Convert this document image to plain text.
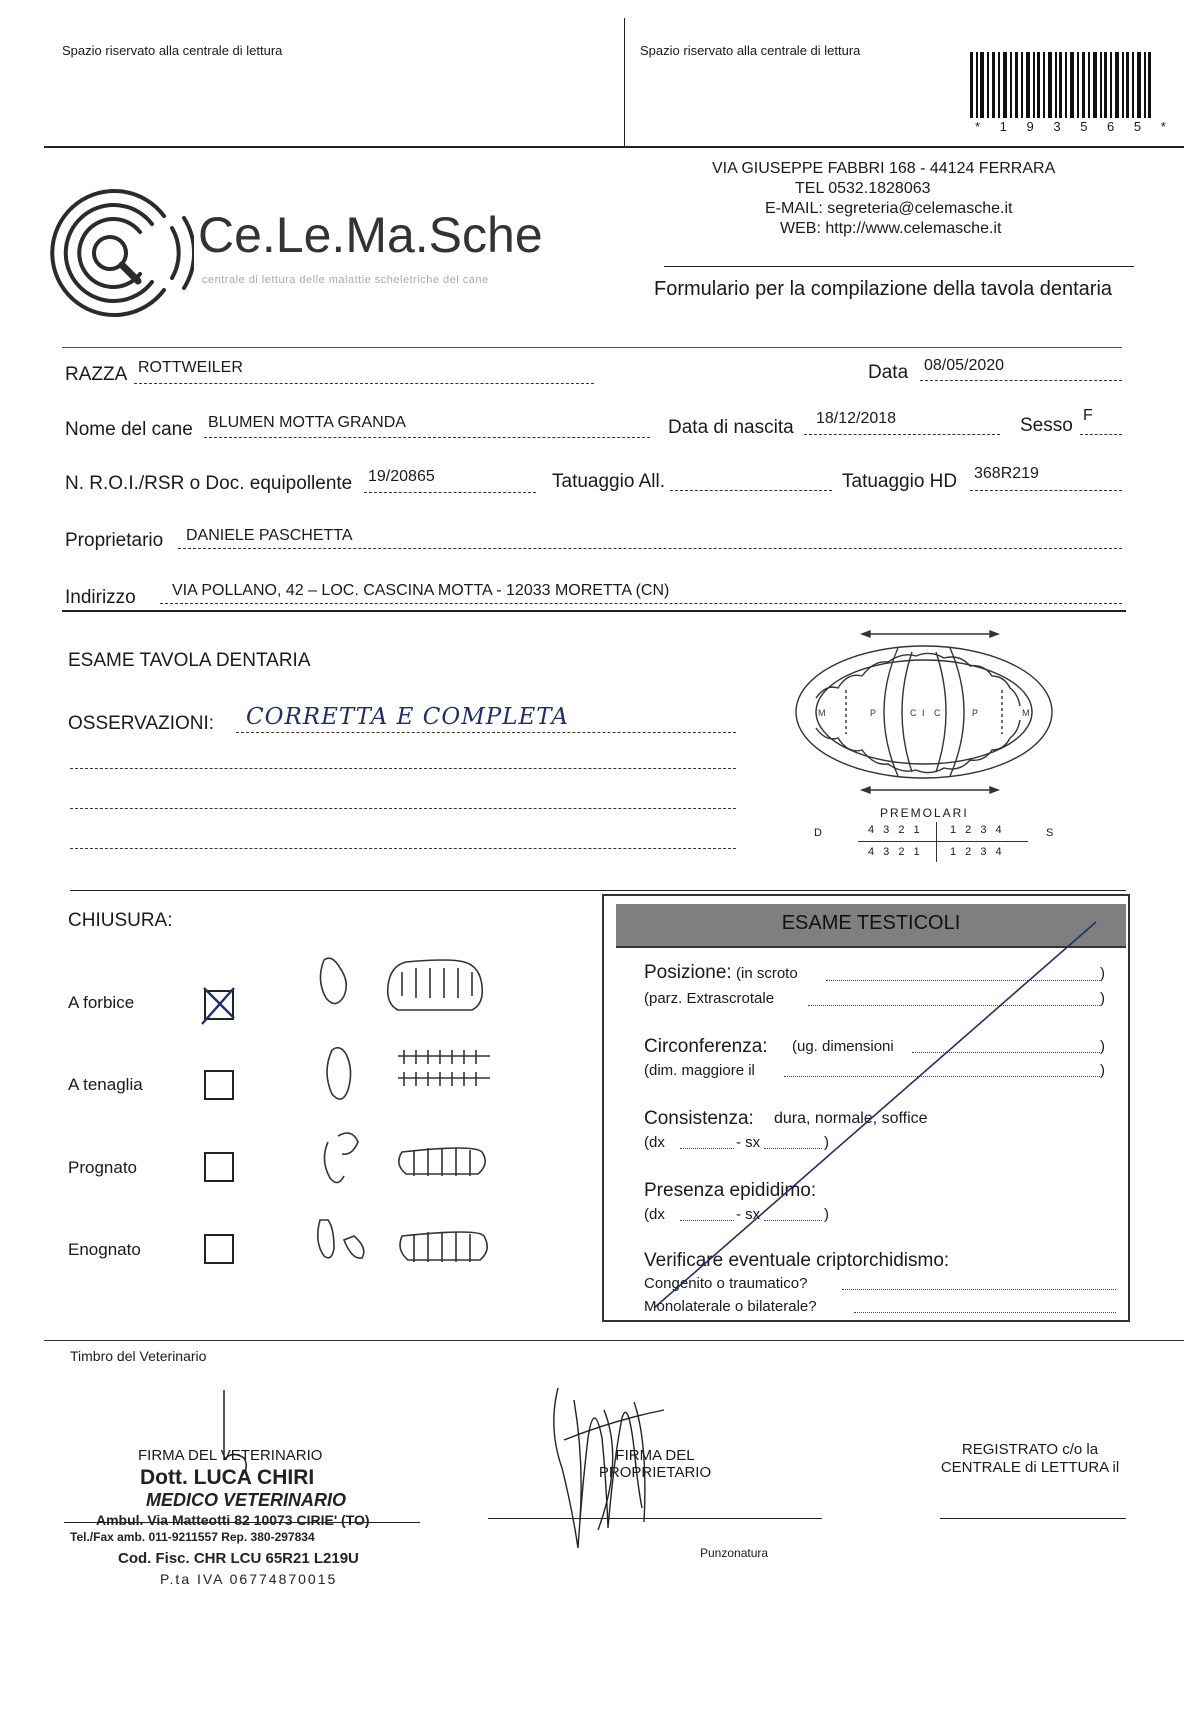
Spazio riservato alla centrale di lettura	Spazio riservato alla centrale di lettura
* 1 9 3 5 6 5 *
Ce.Le.Ma.Sche
centrale di lettura delle malattie scheletriche del cane
VIA GIUSEPPE FABBRI 168 - 44124 FERRARA
TEL 0532.1828063
E-MAIL: segreteria@celemasche.it
WEB: http://www.celemasche.it
Formulario per la compilazione della tavola dentaria
RAZZA ROTTWEILER	Data 08/05/2020
Nome del cane BLUMEN MOTTA GRANDA	Data di nascita 18/12/2018	Sesso F
N. R.O.I./RSR o Doc. equipollente 19/20865	Tatuaggio All.	Tatuaggio HD 368R219
Proprietario DANIELE PASCHETTA
Indirizzo VIA POLLANO, 42 – LOC. CASCINA MOTTA - 12033 MORETTA (CN)
ESAME TAVOLA DENTARIA
OSSERVAZIONI: CORRETTA E COMPLETA	P	C I C	P
M	M
PREMOLARI
D	4 3 2 1 1 2 3 4	S
4 3 2 1 1 2 3 4
CHIUSURA:
A forbice
A tenaglia
Prognato
Enognato
ESAME TESTICOLI
Posizione: (in scroto	)
(parz. Extrascrotale	)
Circonferenza: (ug. dimensioni	)
(dim. maggiore il	)
Consistenza: dura, normale, soffice
(dx	- sx	)
Presenza epididimo:
(dx	- sx	)
Verificare eventuale criptorchidismo:
Congenito o traumatico?
Monolaterale o bilaterale?
Timbro del Veterinario
FIRMA DEL VETERINARIO
Dott. LUCA CHIRI
MEDICO VETERINARIO
Ambul. Via Matteotti 82 10073 CIRIE' (TO)
Tel./Fax amb. 011-9211557 Rep. 380-297834
Cod. Fisc. CHR LCU 65R21 L219U
P.ta IVA 06774870015
FIRMA DEL PROPRIETARIO
Punzonatura
REGISTRATO c/o la
CENTRALE di LETTURA il
